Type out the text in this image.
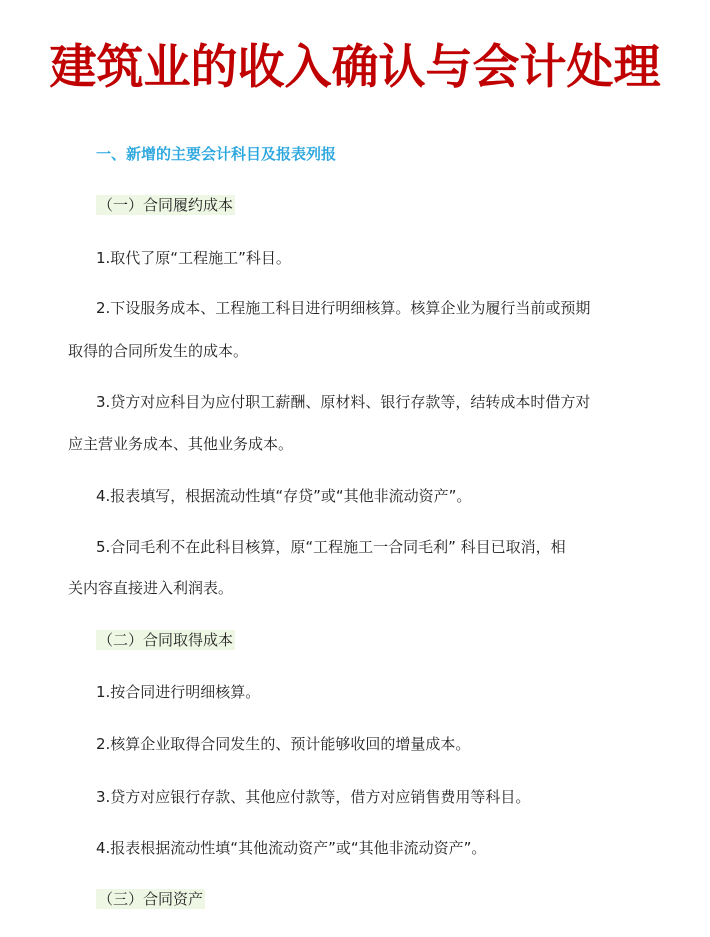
建筑业的收入确认与会计处理
一、新增的主要会计科目及报表列报
（一）合同履约成本
1.取代了原“工程施工”科目。
2.下设服务成本、工程施工科目进行明细核算。核算企业为履行当前或预期
取得的合同所发生的成本。
3.贷方对应科目为应付职工薪酬、原材料、银行存款等，结转成本时借方对
应主营业务成本、其他业务成本。
4.报表填写，根据流动性填“存贷”或“其他非流动资产”。
5.合同毛利不在此科目核算，原“工程施工一合同毛利” 科目已取消，相
关内容直接进入利润表。
（二）合同取得成本
1.按合同进行明细核算。
2.核算企业取得合同发生的、预计能够收回的增量成本。
3.贷方对应银行存款、其他应付款等，借方对应销售费用等科目。
4.报表根据流动性填“其他流动资产”或“其他非流动资产”。
（三）合同资产
